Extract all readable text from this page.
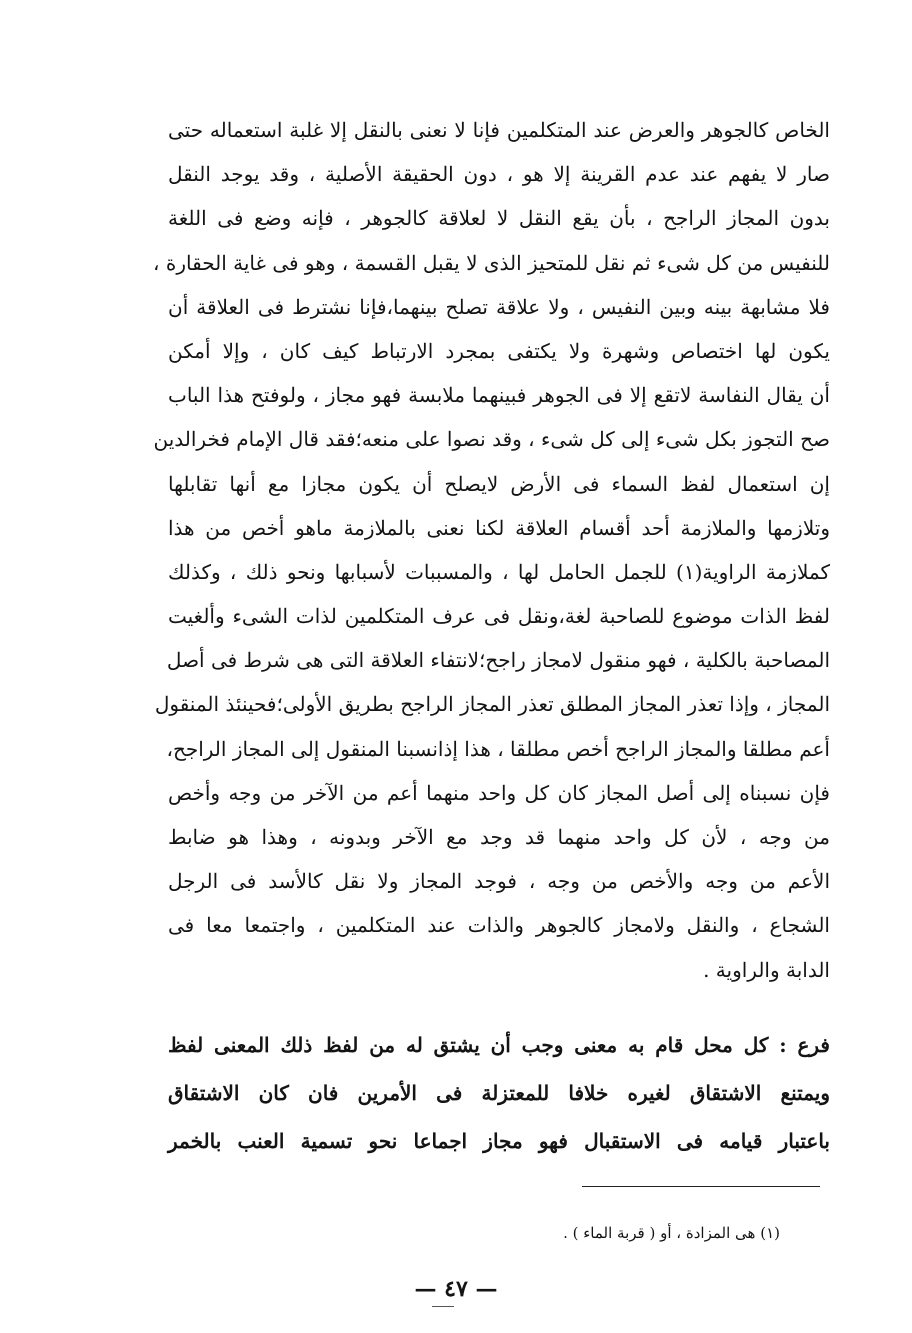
الخاص كالجوهر والعرض عند المتكلمين فإنا لا نعنى بالنقل إلا غلبة استعماله حتى
صار لا يفهم عند عدم القرينة إلا هو ، دون الحقيقة الأصلية ، وقد يوجد النقل
بدون المجاز الراجح ، بأن يقع النقل لا لعلاقة كالجوهر ، فإنه وضع فى اللغة
للنفيس من كل شىء ثم نقل للمتحيز الذى لا يقبل القسمة ، وهو فى غاية الحقارة ،
فلا مشابهة بينه وبين النفيس ، ولا علاقة تصلح بينهما،فإنا نشترط فى العلاقة أن
يكون لها اختصاص وشهرة ولا يكتفى بمجرد الارتباط كيف كان ، وإلا أمكن
أن يقال النفاسة لاتقع إلا فى الجوهر فبينهما ملابسة فهو مجاز ، ولوفتح هذا الباب
صح التجوز بكل شىء إلى كل شىء ، وقد نصوا على منعه؛فقد قال الإمام فخرالدين
إن استعمال لفظ السماء فى الأرض لايصلح أن يكون مجازا مع أنها تقابلها
وتلازمها والملازمة أحد أقسام العلاقة لكنا نعنى بالملازمة ماهو أخص من هذا
كملازمة الراوية(١) للجمل الحامل لها ، والمسببات لأسبابها ونحو ذلك ، وكذلك
لفظ الذات موضوع للصاحبة لغة،ونقل فى عرف المتكلمين لذات الشىء وألغيت
المصاحبة بالكلية ، فهو منقول لامجاز راجح؛لانتفاء العلاقة التى هى شرط فى أصل
المجاز ، وإذا تعذر المجاز المطلق تعذر المجاز الراجح بطريق الأولى؛فحينئذ المنقول
أعم مطلقا والمجاز الراجح أخص مطلقا ، هذا إذانسبنا المنقول إلى المجاز الراجح،
فإن نسبناه إلى أصل المجاز كان كل واحد منهما أعم من الآخر من وجه وأخص
من وجه ، لأن كل واحد منهما قد وجد مع الآخر وبدونه ، وهذا هو ضابط
الأعم من وجه والأخص من وجه ، فوجد المجاز ولا نقل كالأسد فى الرجل
الشجاع ، والنقل ولامجاز كالجوهر والذات عند المتكلمين ، واجتمعا معا فى
الدابة والراوية .
فرع : كل محل قام به معنى وجب أن يشتق له من لفظ ذلك المعنى لفظ
ويمتنع الاشتقاق لغيره خلافا للمعتزلة فى الأمرين فان كان الاشتقاق
باعتبار قيامه فى الاستقبال فهو مجاز اجماعا نحو تسمية العنب بالخمر
(١) هى المزادة ، أو ( قربة الماء ) .
— ٤٧ —
